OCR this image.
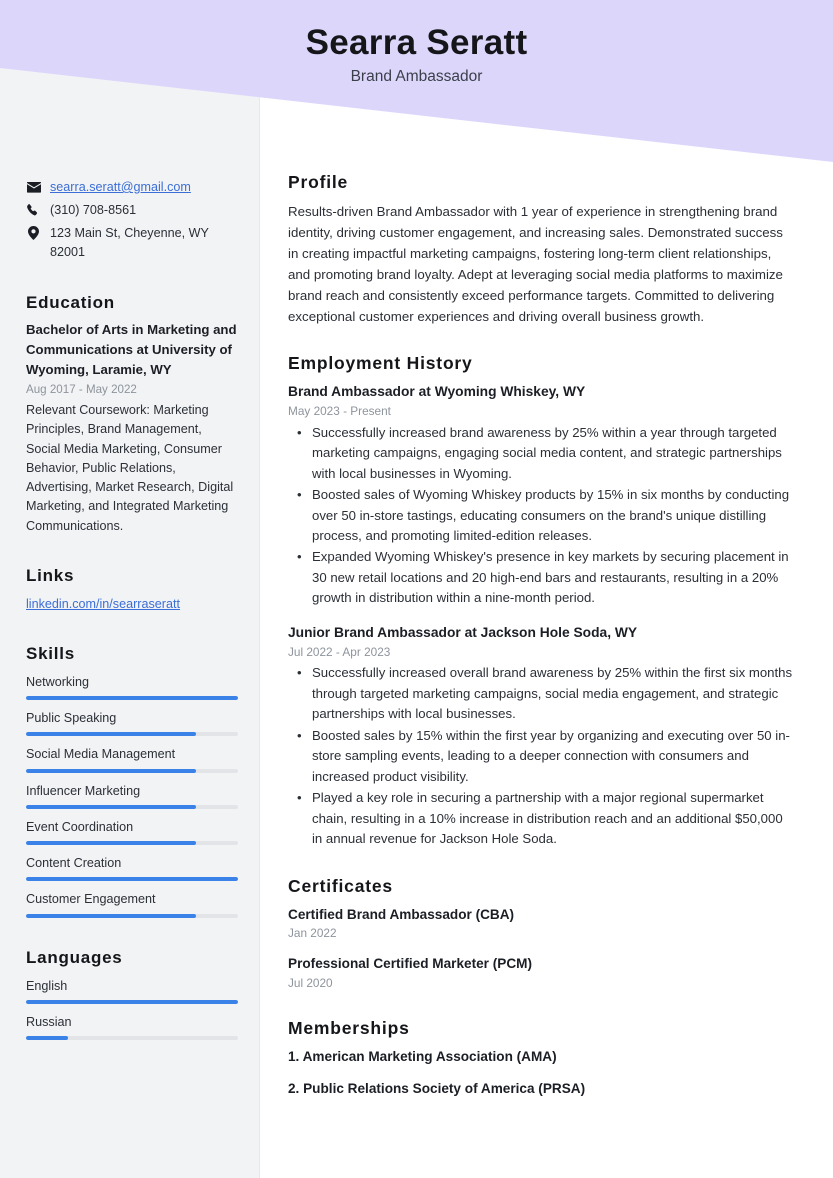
Searra Seratt
Brand Ambassador
searra.seratt@gmail.com
(310) 708-8561
123 Main St, Cheyenne, WY 82001
Education
Bachelor of Arts in Marketing and Communications at University of Wyoming, Laramie, WY
Aug 2017 - May 2022
Relevant Coursework: Marketing Principles, Brand Management, Social Media Marketing, Consumer Behavior, Public Relations, Advertising, Market Research, Digital Marketing, and Integrated Marketing Communications.
Links
linkedin.com/in/searraseratt
Skills
Networking
Public Speaking
Social Media Management
Influencer Marketing
Event Coordination
Content Creation
Customer Engagement
Languages
English
Russian
Profile
Results-driven Brand Ambassador with 1 year of experience in strengthening brand identity, driving customer engagement, and increasing sales. Demonstrated success in creating impactful marketing campaigns, fostering long-term client relationships, and promoting brand loyalty. Adept at leveraging social media platforms to maximize brand reach and consistently exceed performance targets. Committed to delivering exceptional customer experiences and driving overall business growth.
Employment History
Brand Ambassador at Wyoming Whiskey, WY
May 2023 - Present
• Successfully increased brand awareness by 25% within a year through targeted marketing campaigns, engaging social media content, and strategic partnerships with local businesses in Wyoming.
• Boosted sales of Wyoming Whiskey products by 15% in six months by conducting over 50 in-store tastings, educating consumers on the brand's unique distilling process, and promoting limited-edition releases.
• Expanded Wyoming Whiskey's presence in key markets by securing placement in 30 new retail locations and 20 high-end bars and restaurants, resulting in a 20% growth in distribution within a nine-month period.
Junior Brand Ambassador at Jackson Hole Soda, WY
Jul 2022 - Apr 2023
• Successfully increased overall brand awareness by 25% within the first six months through targeted marketing campaigns, social media engagement, and strategic partnerships with local businesses.
• Boosted sales by 15% within the first year by organizing and executing over 50 in-store sampling events, leading to a deeper connection with consumers and increased product visibility.
• Played a key role in securing a partnership with a major regional supermarket chain, resulting in a 10% increase in distribution reach and an additional $50,000 in annual revenue for Jackson Hole Soda.
Certificates
Certified Brand Ambassador (CBA)
Jan 2022
Professional Certified Marketer (PCM)
Jul 2020
Memberships
1. American Marketing Association (AMA)
2. Public Relations Society of America (PRSA)
